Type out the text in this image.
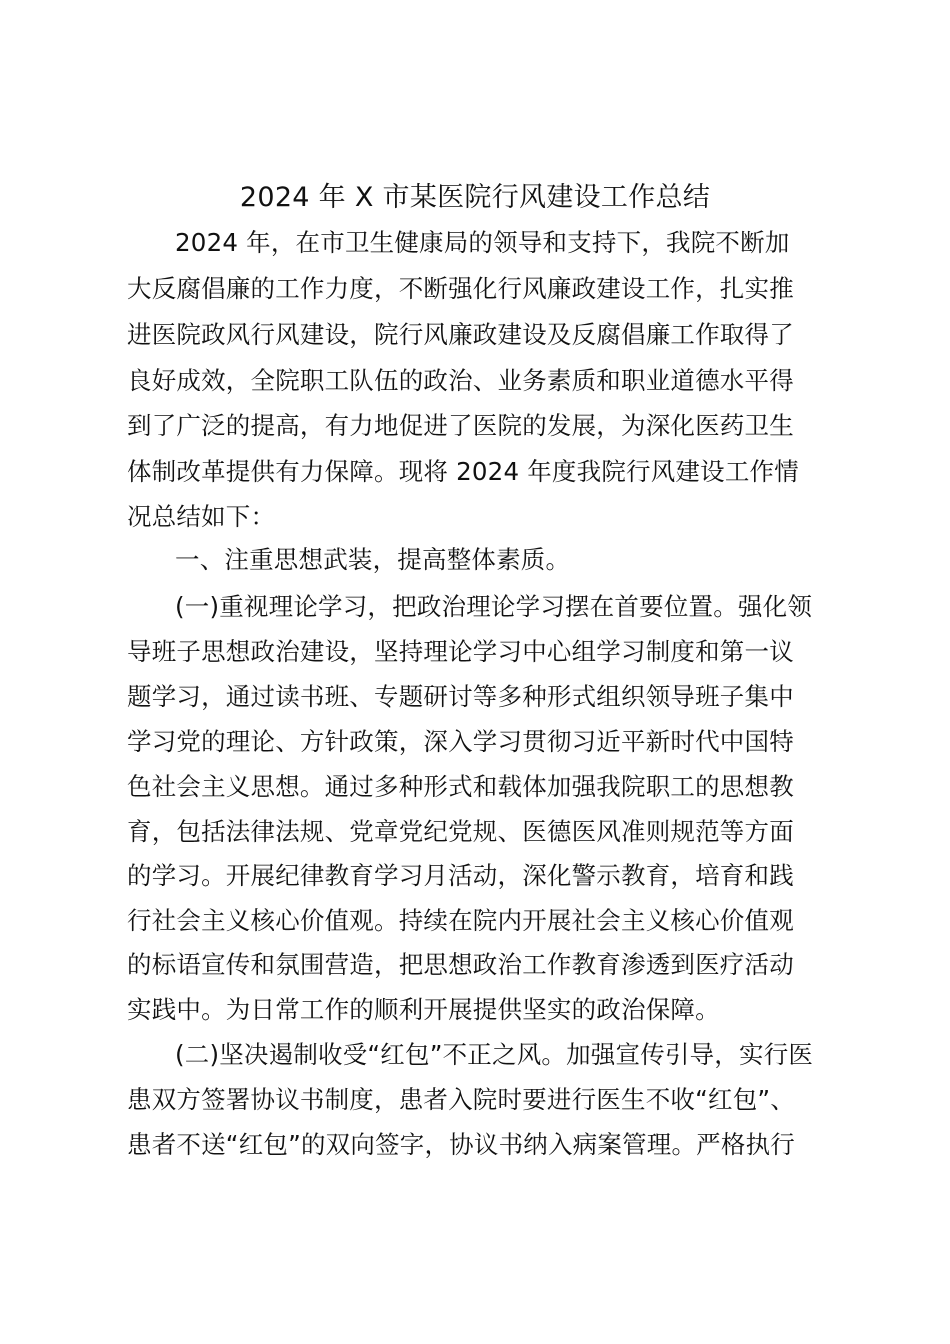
2024 年 X 市某医院行风建设工作总结
2024 年，在市卫生健康局的领导和支持下，我院不断加
大反腐倡廉的工作力度，不断强化行风廉政建设工作，扎实推
进医院政风行风建设，院行风廉政建设及反腐倡廉工作取得了
良好成效，全院职工队伍的政治、业务素质和职业道德水平得
到了广泛的提高，有力地促进了医院的发展，为深化医药卫生
体制改革提供有力保障。现将 2024 年度我院行风建设工作情
况总结如下：
一、注重思想武装，提高整体素质。
(一)重视理论学习，把政治理论学习摆在首要位置。强化领
导班子思想政治建设，坚持理论学习中心组学习制度和第一议
题学习，通过读书班、专题研讨等多种形式组织领导班子集中
学习党的理论、方针政策，深入学习贯彻习近平新时代中国特
色社会主义思想。通过多种形式和载体加强我院职工的思想教
育，包括法律法规、党章党纪党规、医德医风准则规范等方面
的学习。开展纪律教育学习月活动，深化警示教育，培育和践
行社会主义核心价值观。持续在院内开展社会主义核心价值观
的标语宣传和氛围营造，把思想政治工作教育渗透到医疗活动
实践中。为日常工作的顺利开展提供坚实的政治保障。
(二)坚决遏制收受“红包”不正之风。加强宣传引导，实行医
患双方签署协议书制度，患者入院时要进行医生不收“红包”、
患者不送“红包”的双向签字，协议书纳入病案管理。严格执行
